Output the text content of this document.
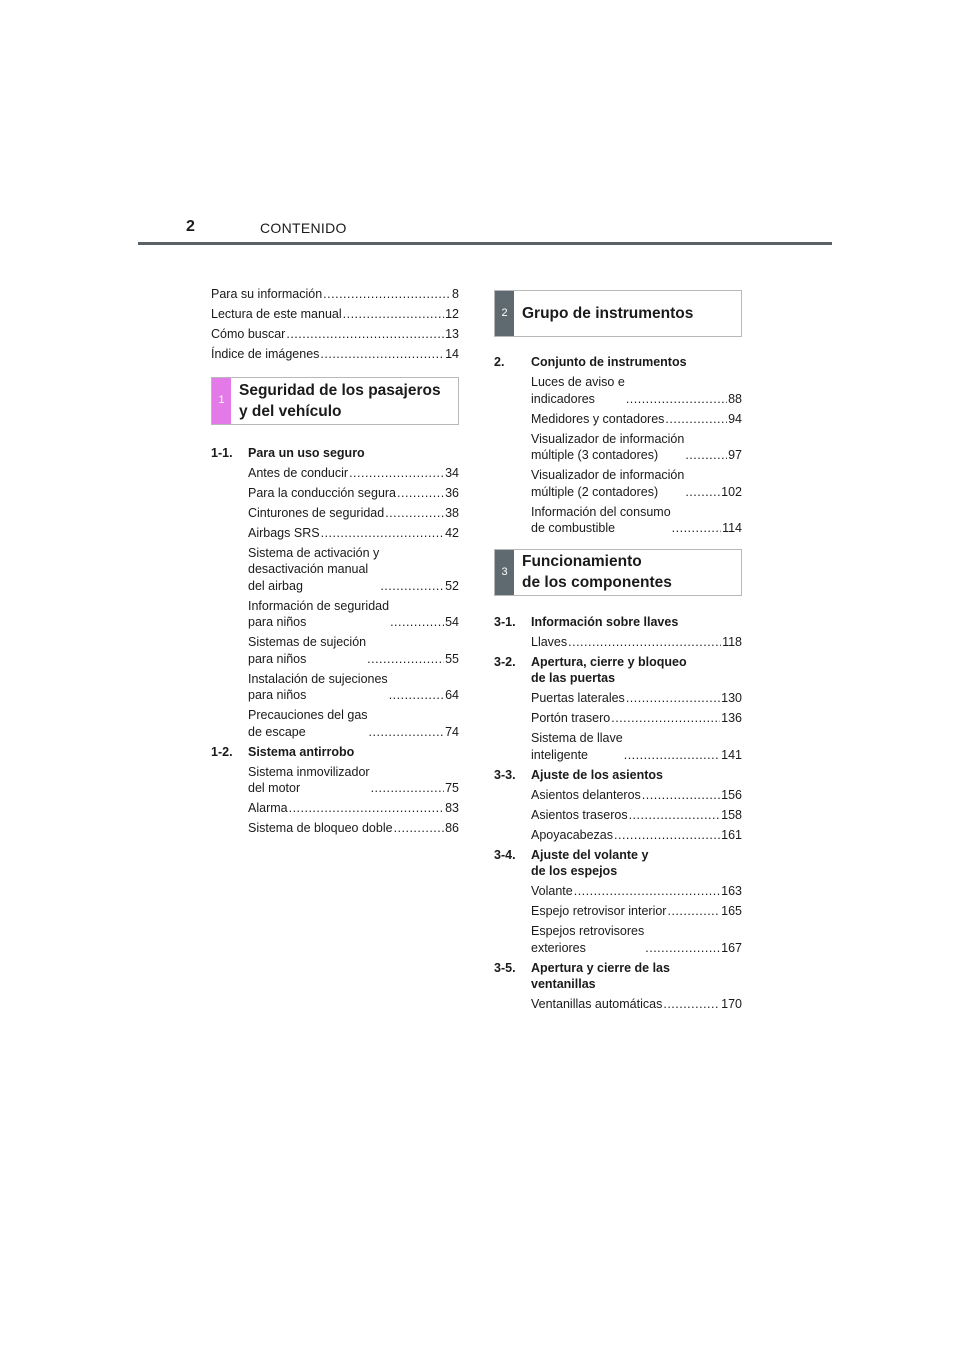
2	CONTENIDO
Para su información .....	8
Lectura de este manual .....	12
Cómo buscar .....	13
Índice de imágenes .....	14
1
Seguridad de los pasajeros
y del vehículo
1-1.	Para un uso seguro
Antes de conducir .....	34
Para la conducción segura .....	36
Cinturones de seguridad .....	38
Airbags SRS .....	42
Sistema de activación y
desactivación manual
del airbag .....	52
Información de seguridad
para niños .....	54
Sistemas de sujeción
para niños .....	55
Instalación de sujeciones
para niños .....	64
Precauciones del gas
de escape .....	74
1-2.	Sistema antirrobo
Sistema inmovilizador
del motor .....	75
Alarma .....	83
Sistema de bloqueo doble .....	86
2 Grupo de instrumentos
2.	Conjunto de instrumentos
Luces de aviso e
indicadores .....	88
Medidores y contadores .....	94
Visualizador de información
múltiple (3 contadores) .....	97
Visualizador de información
múltiple (2 contadores) .....	102
Información del consumo
de combustible .....	114
3
Funcionamiento
de los componentes
3-1.	Información sobre llaves
Llaves .....	118
3-2.	Apertura, cierre y bloqueo
de las puertas
Puertas laterales .....	130
Portón trasero .....	136
Sistema de llave
inteligente .....	141
3-3.	Ajuste de los asientos
Asientos delanteros .....	156
Asientos traseros .....	158
Apoyacabezas .....	161
3-4.	Ajuste del volante y
de los espejos
Volante .....	163
Espejo retrovisor interior .....	165
Espejos retrovisores
exteriores .....	167
3-5.	Apertura y cierre de las
ventanillas
Ventanillas automáticas .....	170
